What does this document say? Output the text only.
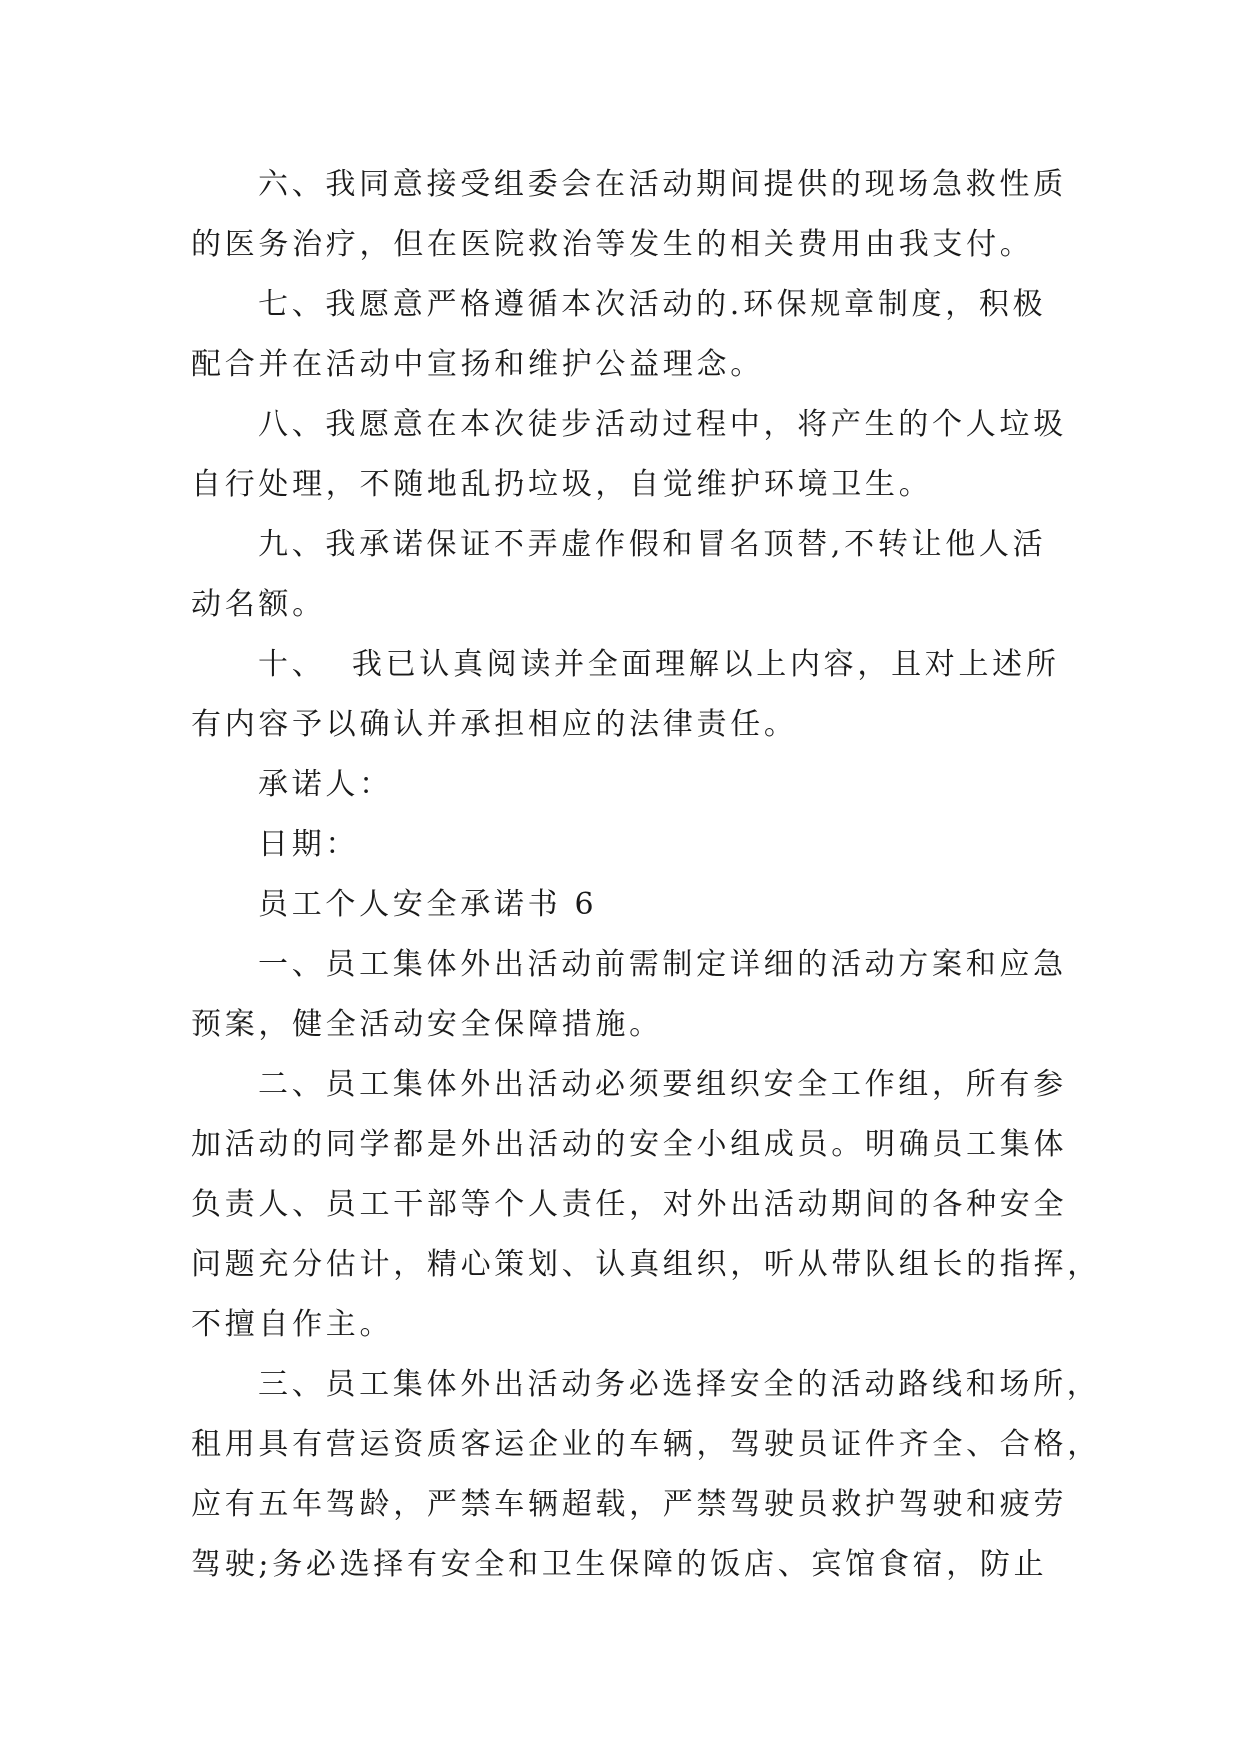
六、我同意接受组委会在活动期间提供的现场急救性质

的医务治疗，但在医院救治等发生的相关费用由我支付。

七、我愿意严格遵循本次活动的.环保规章制度，积极

配合并在活动中宣扬和维护公益理念。

八、我愿意在本次徒步活动过程中，将产生的个人垃圾

自行处理，不随地乱扔垃圾，自觉维护环境卫生。

九、我承诺保证不弄虚作假和冒名顶替,不转让他人活

动名额。

十、  我已认真阅读并全面理解以上内容，且对上述所

有内容予以确认并承担相应的法律责任。

承诺人：

日期：

员工个人安全承诺书 6

一、员工集体外出活动前需制定详细的活动方案和应急

预案，健全活动安全保障措施。

二、员工集体外出活动必须要组织安全工作组，所有参

加活动的同学都是外出活动的安全小组成员。明确员工集体

负责人、员工干部等个人责任，对外出活动期间的各种安全

问题充分估计，精心策划、认真组织，听从带队组长的指挥，

不擅自作主。

三、员工集体外出活动务必选择安全的活动路线和场所，

租用具有营运资质客运企业的车辆，驾驶员证件齐全、合格，

应有五年驾龄，严禁车辆超载，严禁驾驶员救护驾驶和疲劳

驾驶;务必选择有安全和卫生保障的饭店、宾馆食宿，防止
